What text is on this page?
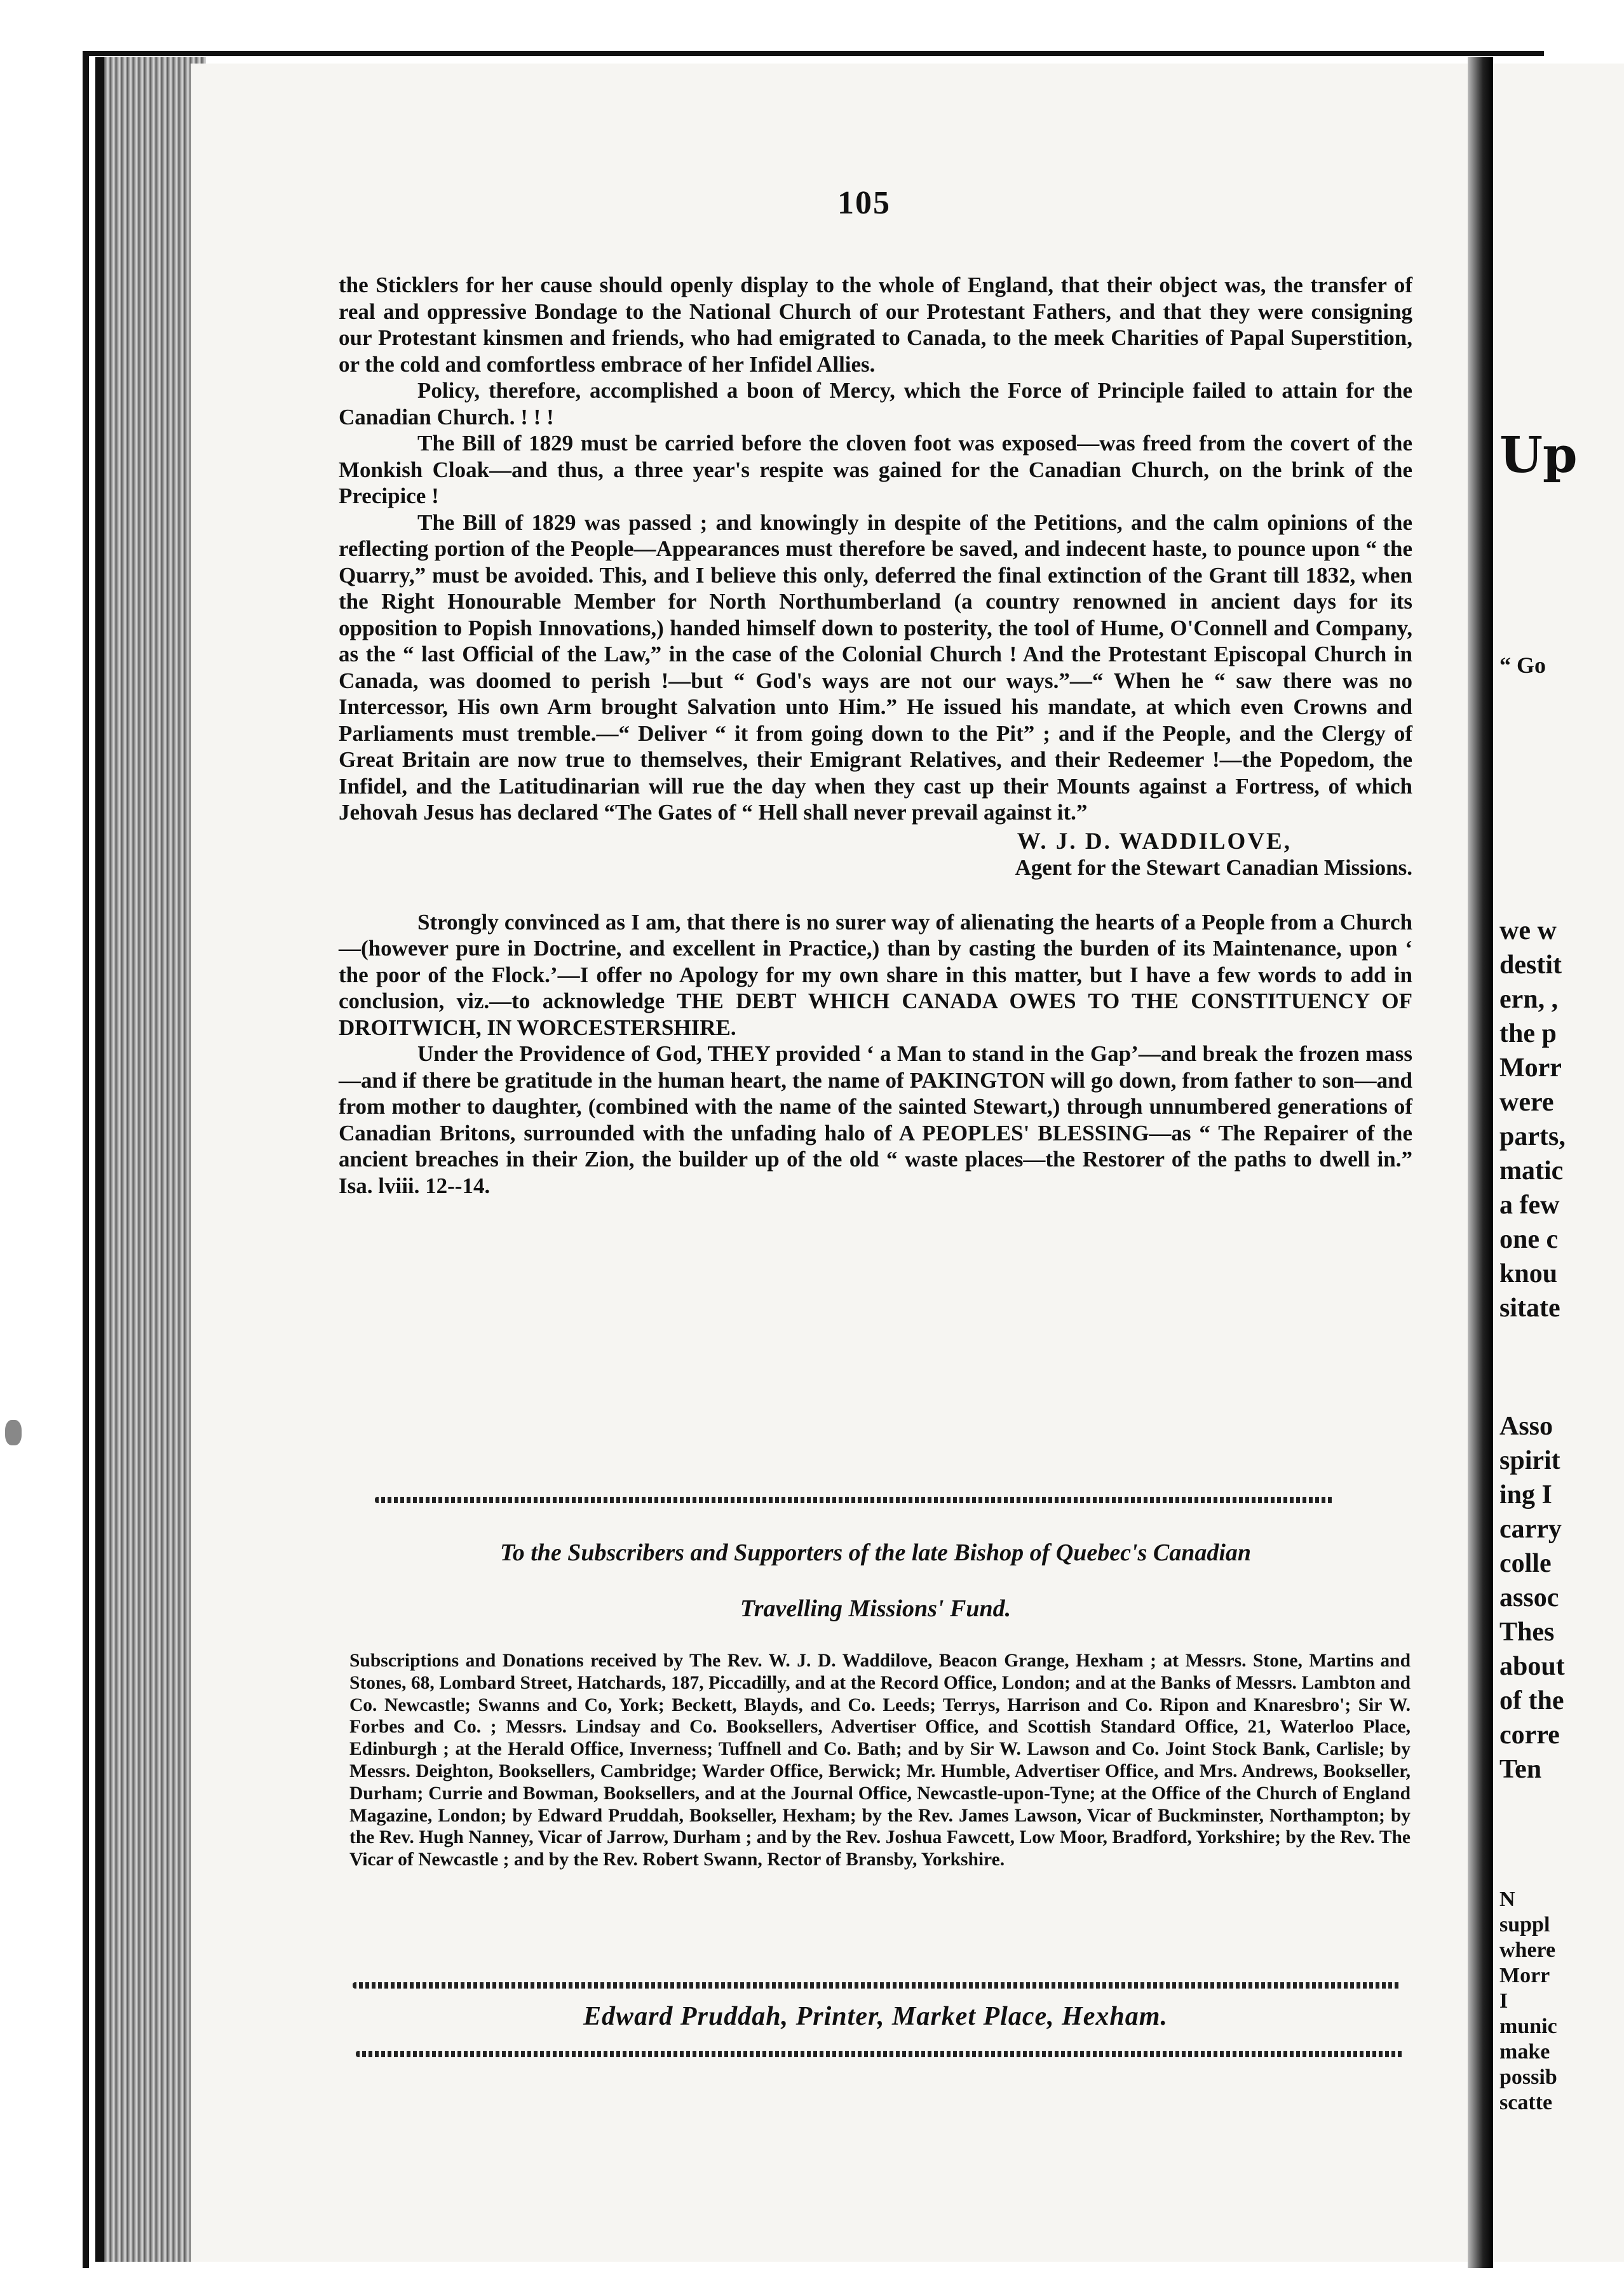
105

the Sticklers for her cause should openly display to the whole of England, that their object was, the transfer of real and oppressive Bondage to the National Church of our Protestant Fathers, and that they were consigning our Protestant kinsmen and friends, who had emigrated to Canada, to the meek Charities of Papal Superstition, or the cold and comfortless embrace of her Infidel Allies.

Policy, therefore, accomplished a boon of Mercy, which the Force of Principle failed to attain for the Canadian Church. ! ! !

The Bill of 1829 must be carried before the cloven foot was exposed—was freed from the covert of the Monkish Cloak—and thus, a three year's respite was gained for the Canadian Church, on the brink of the Precipice !

The Bill of 1829 was passed ; and knowingly in despite of the Petitions, and the calm opinions of the reflecting portion of the People—Appearances must therefore be saved, and indecent haste, to pounce upon “ the Quarry,” must be avoided. This, and I believe this only, deferred the final extinction of the Grant till 1832, when the Right Honourable Member for North Northumberland (a country renowned in ancient days for its opposition to Popish Innovations,) handed himself down to posterity, the tool of Hume, O'Connell and Company, as the “ last Official of the Law,” in the case of the Colonial Church ! And the Protestant Episcopal Church in Canada, was doomed to perish !—but “ God's ways are not our ways.”—“ When he “ saw there was no Intercessor, His own Arm brought Salvation unto Him.” He issued his mandate, at which even Crowns and Parliaments must tremble.—“ Deliver “ it from going down to the Pit” ; and if the People, and the Clergy of Great Britain are now true to themselves, their Emigrant Relatives, and their Redeemer !—the Popedom, the Infidel, and the Latitudinarian will rue the day when they cast up their Mounts against a Fortress, of which Jehovah Jesus has declared “The Gates of “ Hell shall never prevail against it.”

W. J. D. WADDILOVE,

Agent for the Stewart Canadian Missions.

Strongly convinced as I am, that there is no surer way of alienating the hearts of a People from a Church—(however pure in Doctrine, and excellent in Practice,) than by casting the burden of its Maintenance, upon ‘ the poor of the Flock.’—I offer no Apology for my own share in this matter, but I have a few words to add in conclusion, viz.—to acknowledge THE DEBT WHICH CANADA OWES TO THE CONSTITUENCY OF DROITWICH, IN WORCESTERSHIRE.

Under the Providence of God, THEY provided ‘ a Man to stand in the Gap’—and break the frozen mass—and if there be gratitude in the human heart, the name of PAKINGTON will go down, from father to son—and from mother to daughter, (combined with the name of the sainted Stewart,) through unnumbered generations of Canadian Britons, surrounded with the unfading halo of A PEOPLES' BLESSING—as “ The Repairer of the ancient breaches in their Zion, the builder up of the old “ waste places—the Restorer of the paths to dwell in.” Isa. lviii. 12--14.

To the Subscribers and Supporters of the late Bishop of Quebec's Canadian
Travelling Missions' Fund.
Subscriptions and Donations received by The Rev. W. J. D. Waddilove, Beacon Grange, Hexham ; at Messrs. Stone, Martins and Stones, 68, Lombard Street, Hatchards, 187, Piccadilly, and at the Record Office, London; and at the Banks of Messrs. Lambton and Co. Newcastle; Swanns and Co, York; Beckett, Blayds, and Co. Leeds; Terrys, Harrison and Co. Ripon and Knaresbro'; Sir W. Forbes and Co. ; Messrs. Lindsay and Co. Booksellers, Advertiser Office, and Scottish Standard Office, 21, Waterloo Place, Edinburgh ; at the Herald Office, Inverness; Tuffnell and Co. Bath; and by Sir W. Lawson and Co. Joint Stock Bank, Carlisle; by Messrs. Deighton, Booksellers, Cambridge; Warder Office, Berwick; Mr. Humble, Advertiser Office, and Mrs. Andrews, Bookseller, Durham; Currie and Bowman, Booksellers, and at the Journal Office, Newcastle-upon-Tyne; at the Office of the Church of England Magazine, London; by Edward Pruddah, Bookseller, Hexham; by the Rev. James Lawson, Vicar of Buckminster, Northampton; by the Rev. Hugh Nanney, Vicar of Jarrow, Durham ; and by the Rev. Joshua Fawcett, Low Moor, Bradford, Yorkshire; by the Rev. The Vicar of Newcastle ; and by the Rev. Robert Swann, Rector of Bransby, Yorkshire.
Edward Pruddah, Printer, Market Place, Hexham.
Up
“ Go
we w
destit
ern, ,
the p
Morr
were
parts,
matic
a few
one c
knou
sitate
Asso
spirit
ing I
carry
colle
assoc
Thes
about
of the
corre
Ten
N
suppl
where
Morr
I
munic
make
possib
scatte
